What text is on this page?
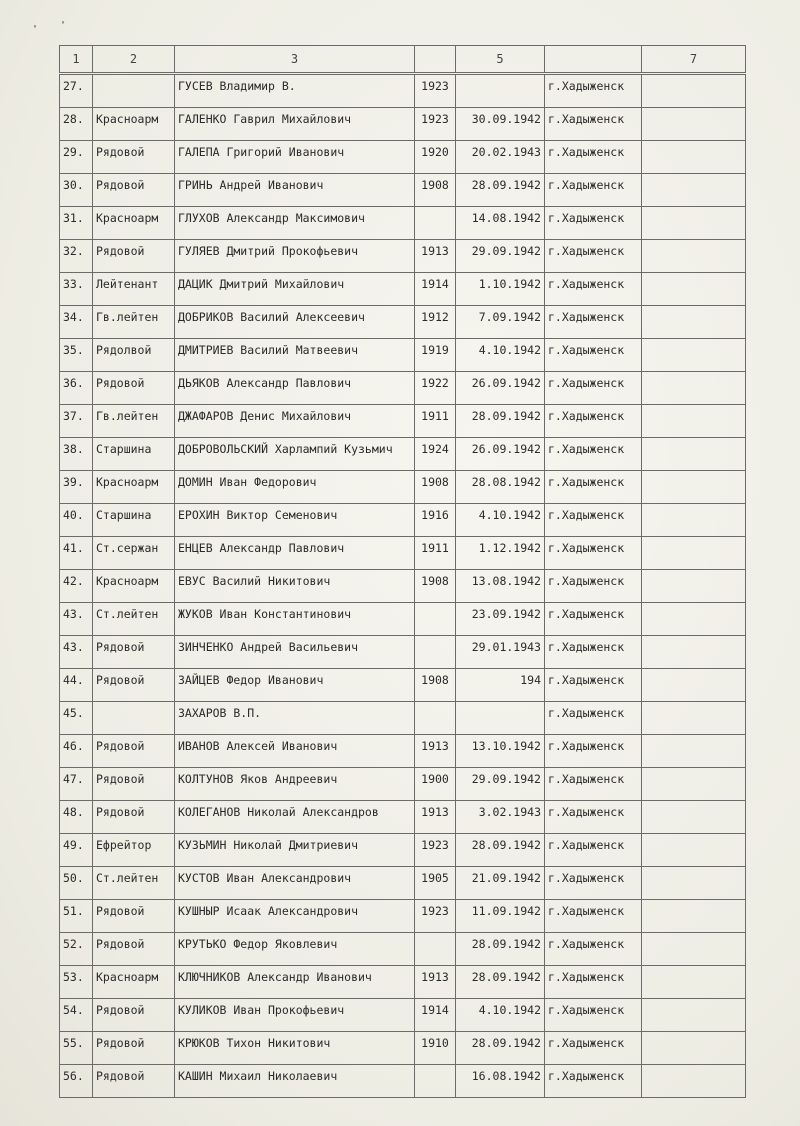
' '
1	2	3		5		7
27.		ГУСЕВ Владимир В.	1923		г.Хадыженск	
28.	Красноарм	ГАЛЕНКО Гаврил Михайлович	1923	30.09.1942	г.Хадыженск	
29.	Рядовой	ГАЛЕПА Григорий Иванович	1920	20.02.1943	г.Хадыженск	
30.	Рядовой	ГРИНЬ Андрей Иванович	1908	28.09.1942	г.Хадыженск	
31.	Красноарм	ГЛУХОВ Александр Максимович		14.08.1942	г.Хадыженск	
32.	Рядовой	ГУЛЯЕВ Дмитрий Прокофьевич	1913	29.09.1942	г.Хадыженск	
33.	Лейтенант	ДАЦИК Дмитрий Михайлович	1914	1.10.1942	г.Хадыженск	
34.	Гв.лейтен	ДОБРИКОВ Василий Алексеевич	1912	7.09.1942	г.Хадыженск	
35.	Рядолвой	ДМИТРИЕВ Василий Матвеевич	1919	4.10.1942	г.Хадыженск	
36.	Рядовой	ДЬЯКОВ Александр Павлович	1922	26.09.1942	г.Хадыженск	
37.	Гв.лейтен	ДЖАФАРОВ Денис Михайлович	1911	28.09.1942	г.Хадыженск	
38.	Старшина	ДОБРОВОЛЬСКИЙ Харлампий Кузьмич	1924	26.09.1942	г.Хадыженск	
39.	Красноарм	ДОМИН Иван Федорович	1908	28.08.1942	г.Хадыженск	
40.	Старшина	ЕРОХИН Виктор Семенович	1916	4.10.1942	г.Хадыженск	
41.	Ст.сержан	ЕНЦЕВ Александр Павлович	1911	1.12.1942	г.Хадыженск	
42.	Красноарм	ЕВУС Василий Никитович	1908	13.08.1942	г.Хадыженск	
43.	Ст.лейтен	ЖУКОВ Иван Константинович		23.09.1942	г.Хадыженск	
43.	Рядовой	ЗИНЧЕНКО Андрей Васильевич		29.01.1943	г.Хадыженск	
44.	Рядовой	ЗАЙЦЕВ Федор Иванович	1908	194	г.Хадыженск	
45.		ЗАХАРОВ В.П.			г.Хадыженск	
46.	Рядовой	ИВАНОВ Алексей Иванович	1913	13.10.1942	г.Хадыженск	
47.	Рядовой	КОЛТУНОВ Яков Андреевич	1900	29.09.1942	г.Хадыженск	
48.	Рядовой	КОЛЕГАНОВ Николай Александров	1913	3.02.1943	г.Хадыженск	
49.	Ефрейтор	КУЗЬМИН Николай Дмитриевич	1923	28.09.1942	г.Хадыженск	
50.	Ст.лейтен	КУСТОВ Иван Александрович	1905	21.09.1942	г.Хадыженск	
51.	Рядовой	КУШНЫР Исаак Александрович	1923	11.09.1942	г.Хадыженск	
52.	Рядовой	КРУТЬКО Федор Яковлевич		28.09.1942	г.Хадыженск	
53.	Красноарм	КЛЮЧНИКОВ Александр Иванович	1913	28.09.1942	г.Хадыженск	
54.	Рядовой	КУЛИКОВ Иван Прокофьевич	1914	4.10.1942	г.Хадыженск	
55.	Рядовой	КРЮКОВ Тихон Никитович	1910	28.09.1942	г.Хадыженск	
56.	Рядовой	КАШИН Михаил Николаевич		16.08.1942	г.Хадыженск	
